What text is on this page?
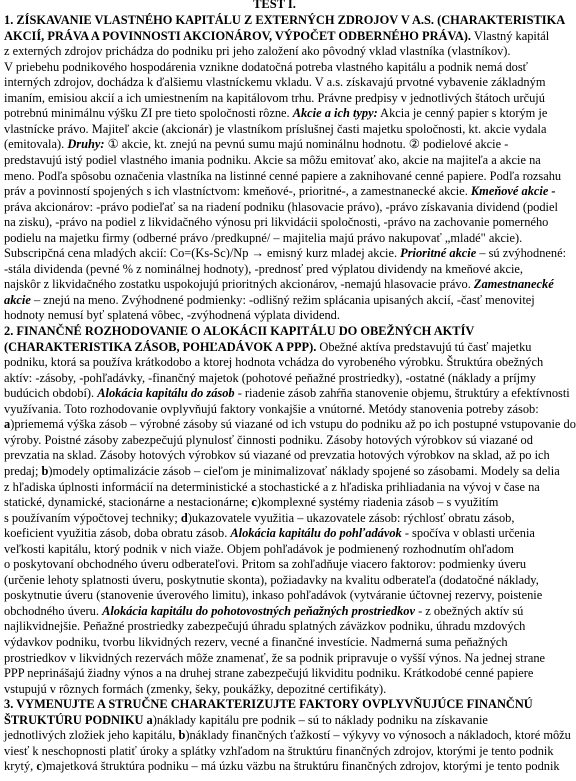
TEST I.
1. ZÍSKAVANIE VLASTNÉHO KAPITÁLU Z EXTERNÝCH ZDROJOV V A.S. (CHARAKTERISTIKA
AKCIÍ, PRÁVA A POVINNOSTI AKCIONÁROV, VÝPOČET ODBERNÉHO PRÁVA). Vlastný kapitál
z externých zdrojov prichádza do podniku pri jeho založení ako pôvodný vklad vlastníka (vlastníkov).
V priebehu podnikového hospodárenia vznikne dodatočná potreba vlastného kapitálu a podnik nemá dosť
interných zdrojov, dochádza k ďalšiemu vlastníckemu vkladu. V a.s. získavajú prvotné vybavenie základným
imaním, emisiou akcií a ich umiestnením na kapitálovom trhu. Právne predpisy v jednotlivých štátoch určujú
potrebnú minimálnu výšku ZI pre tieto spoločnosti rôzne. Akcie a ich typy: Akcia je cenný papier s ktorým je
vlastnícke právo. Majiteľ akcie (akcionár) je vlastníkom príslušnej časti majetku spoločnosti, kt. akcie vydala
(emitovala). Druhy: ① akcie, kt. znejú na pevnú sumu majú nominálnu hodnotu. ② podielové akcie -
predstavujú istý podiel vlastného imania podniku. Akcie sa môžu emitovať ako, akcie na majiteľa a akcie na
meno. Podľa spôsobu označenia vlastníka na listinné cenné papiere a zaknihované cenné papiere. Podľa rozsahu
práv a povinností spojených s ich vlastníctvom: kmeňové-, prioritné-, a zamestnanecké akcie. Kmeňové akcie -
práva akcionárov: -právo podieľať sa na riadení podniku (hlasovacie právo), -právo získavania dividend (podiel
na zisku), -právo na podiel z likvidačného výnosu pri likvidácii spoločnosti, -právo na zachovanie pomerného
podielu na majetku firmy (odberné právo /predkupné/ – majitelia majú právo nakupovať „mladé" akcie).
Subscripčná cena mladých akcií: Co=(Ks-Sc)/Np → emisný kurz mladej akcie. Prioritné akcie – sú zvýhodnené:
-stála dividenda (pevné % z nominálnej hodnoty), -prednosť pred výplatou dividendy na kmeňové akcie,
najskôr z likvidačného zostatku uspokojujú prioritných akcionárov, -nemajú hlasovacie právo. Zamestnanecké
akcie – znejú na meno. Zvýhodnené podmienky: -odlišný režim splácania upisaných akcií, -časť menovitej
hodnoty nemusí byť splatená vôbec, -zvýhodnená výplata dividend.
2. FINANČNÉ ROZHODOVANIE O ALOKÁCII KAPITÁLU DO OBEŽNÝCH AKTÍV
(CHARAKTERISTIKA ZÁSOB, POHĽADÁVOK A PPP). Obežné aktíva predstavujú tú časť majetku
podniku, ktorá sa používa krátkodobo a ktorej hodnota vchádza do vyrobeného výrobku. Štruktúra obežných
aktív: -zásoby, -pohľadávky, -finančný majetok (pohotové peňažné prostriedky), -ostatné (náklady a príjmy
budúcich období). Alokácia kapitálu do zásob - riadenie zásob zahŕňa stanovenie objemu, štruktúry a efektívnosti
využívania. Toto rozhodovanie ovplyvňujú faktory vonkajšie a vnútorné. Metódy stanovenia potreby zásob:
a)priememá výška zásob – výrobné zásoby sú viazané od ich vstupu do podniku až po ich postupné vstupovanie do
výroby. Poistné zásoby zabezpečujú plynulosť činnosti podniku. Zásoby hotových výrobkov sú viazané od
prevzatia na sklad. Zásoby hotových výrobkov sú viazané od prevzatia hotových výrobkov na sklad, až po ich
predaj; b)modely optimalizácie zásob – cieľom je minimalizovať náklady spojené so zásobami. Modely sa delia
z hľadiska úplnosti informácií na deterministické a stochastické a z hľadiska prihliadania na vývoj v čase na
statické, dynamické, stacionárne a nestacionárne; c)komplexné systémy riadenia zásob – s využitím
s používaním výpočtovej techniky; d)ukazovatele využitia – ukazovatele zásob: rýchlosť obratu zásob,
koeficient využitia zásob, doba obratu zásob. Alokácia kapitálu do pohľadávok - spočíva v oblasti určenia
veľkosti kapitálu, ktorý podnik v nich viaže. Objem pohľadávok je podmienený rozhodnutím ohľadom
o poskytovaní obchodného úveru odberateľovi. Pritom sa zohľadňuje viacero faktorov: podmienky úveru
(určenie lehoty splatnosti úveru, poskytnutie skonta), požiadavky na kvalitu odberateľa (dodatočné náklady,
poskytnutie úveru (stanovenie úverového limitu), inkaso pohľadávok (vytváranie účtovnej rezervy, poistenie
obchodného úveru. Alokácia kapitálu do pohotovostných peňažných prostriedkov - z obežných aktív sú
najlikvidnejšie. Peňažné prostriedky zabezpečujú úhradu splatných záväzkov podniku, úhradu mzdových
výdavkov podniku, tvorbu likvidných rezerv, vecné a finančné investície. Nadmerná suma peňažných
prostriedkov v likvidných rezervách môže znamenať, že sa podnik pripravuje o vyšší výnos. Na jednej strane
PPP neprinášajú žiadny výnos a na druhej strane zabezpečujú likviditu podniku. Krátkodobé cenné papiere
vstupujú v rôznych formách (zmenky, šeky, poukážky, depozitné certifikáty).
3. VYMENUJTE A STRUČNE CHARAKTERIZUJTE FAKTORY OVPLYVŇUJÚCE FINANČNÚ
ŠTRUKTÚRU PODNIKU a)náklady kapitálu pre podnik – sú to náklady podniku na získavanie
jednotlivých zložiek jeho kapitálu, b)náklady finančných ťažkostí – výkyvy vo výnosoch a nákladoch, ktoré môžu
viesť k neschopnosti platiť úroky a splátky vzhľadom na štruktúru finančných zdrojov, ktorými je tento podnik
krytý, c)majetková štruktúra podniku – má úzku väzbu na štruktúru finančných zdrojov, ktorými je tento podnik
